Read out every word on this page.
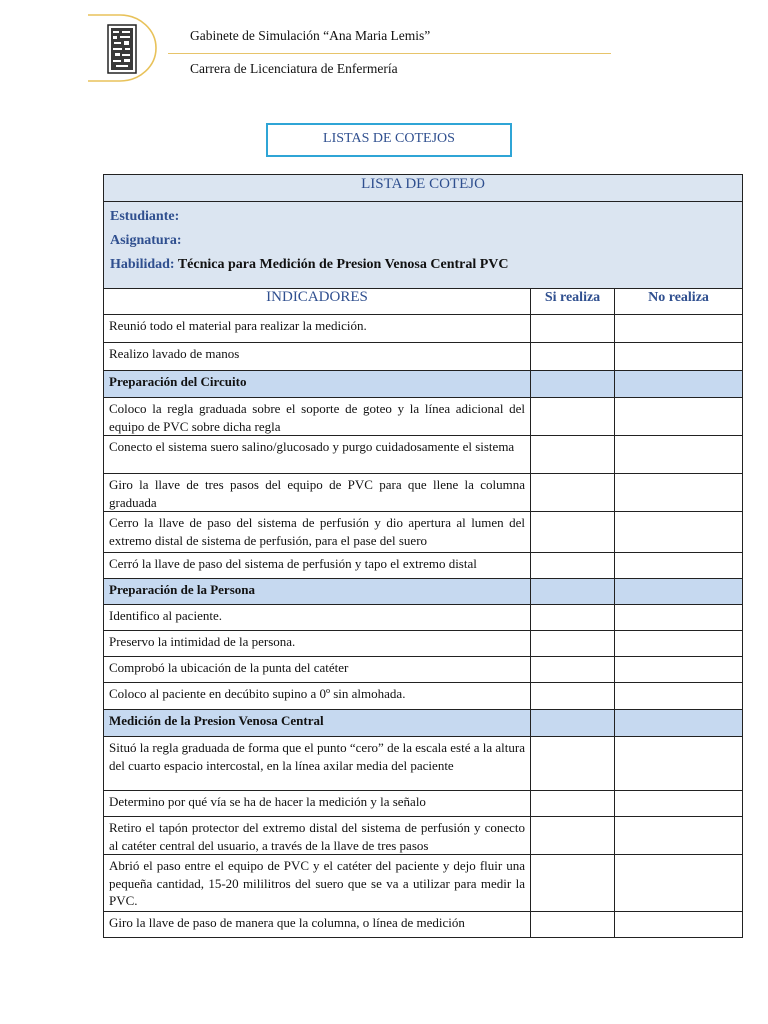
Gabinete de Simulación “Ana Maria Lemis”
Carrera de Licenciatura de Enfermería
LISTAS DE COTEJOS
LISTA DE COTEJO		

Estudiante:
Asignatura:
Habilidad: Técnica para Medición de Presion Venosa Central PVC		

INDICADORES	Si realiza	No realiza
Reunió todo el material para realizar la medición.		
Realizo lavado de manos		
Preparación del Circuito		
Coloco la regla graduada sobre el soporte de goteo y la línea adicional del equipo de PVC sobre dicha regla		
Conecto el sistema suero salino/glucosado y purgo cuidadosamente el sistema		
Giro la llave de tres pasos del equipo de PVC para que llene la columna graduada		
Cerro la llave de paso del sistema de perfusión y dio apertura al lumen del extremo distal de sistema de perfusión, para el pase del suero		
Cerró la llave de paso del sistema de perfusión y tapo el extremo distal		
Preparación de la Persona		
Identifico al paciente.		
Preservo la intimidad de la persona.		
Comprobó la ubicación de la punta del catéter		
Coloco al paciente en decúbito supino a 0º sin almohada.		
Medición de la Presion Venosa Central		
Situó la regla graduada de forma que el punto “cero” de la escala esté a la altura del cuarto espacio intercostal, en la línea axilar media del paciente		
Determino por qué vía se ha de hacer la medición y la señalo		
Retiro el tapón protector del extremo distal del sistema de perfusión y conecto al catéter central del usuario, a través de la llave de tres pasos		
Abrió el paso entre el equipo de PVC y el catéter del paciente y dejo fluir una pequeña cantidad, 15-20 mililitros del suero que se va a utilizar para medir la PVC.		
Giro la llave de paso de manera que la columna, o línea de medición		
